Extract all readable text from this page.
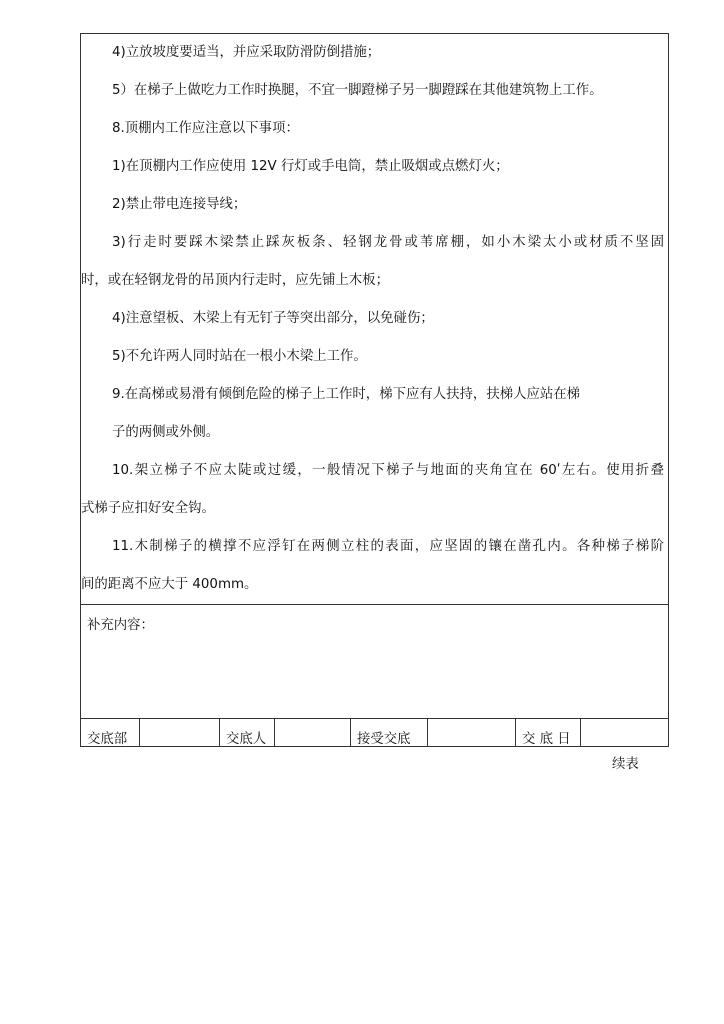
4)立放坡度要适当，并应采取防滑防倒措施；
5）在梯子上做吃力工作时换腿，不宜一脚蹬梯子另一脚蹬踩在其他建筑物上工作。
8.顶棚内工作应注意以下事项：
1)在顶棚内工作应使用 12V 行灯或手电筒，禁止吸烟或点燃灯火；
2)禁止带电连接导线；
3)行走时要踩木梁禁止踩灰板条、轻钢龙骨或苇席棚，如小木梁太小或材质不坚固
时，或在轻钢龙骨的吊顶内行走时，应先铺上木板；
4)注意望板、木梁上有无钉子等突出部分，以免碰伤；
5)不允许两人同时站在一根小木梁上工作。
9.在高梯或易滑有倾倒危险的梯子上工作时，梯下应有人扶持，扶梯人应站在梯
子的两侧或外侧。
10.架立梯子不应太陡或过缓，一般情况下梯子与地面的夹角宜在 60ʹ左右。使用折叠
式梯子应扣好安全钩。
11.木制梯子的横撑不应浮钉在两侧立柱的表面，应坚固的镶在凿孔内。各种梯子梯阶
间的距离不应大于 400mm。
补充内容：
交底部	交底人	接受交底	交 底 日
续表
